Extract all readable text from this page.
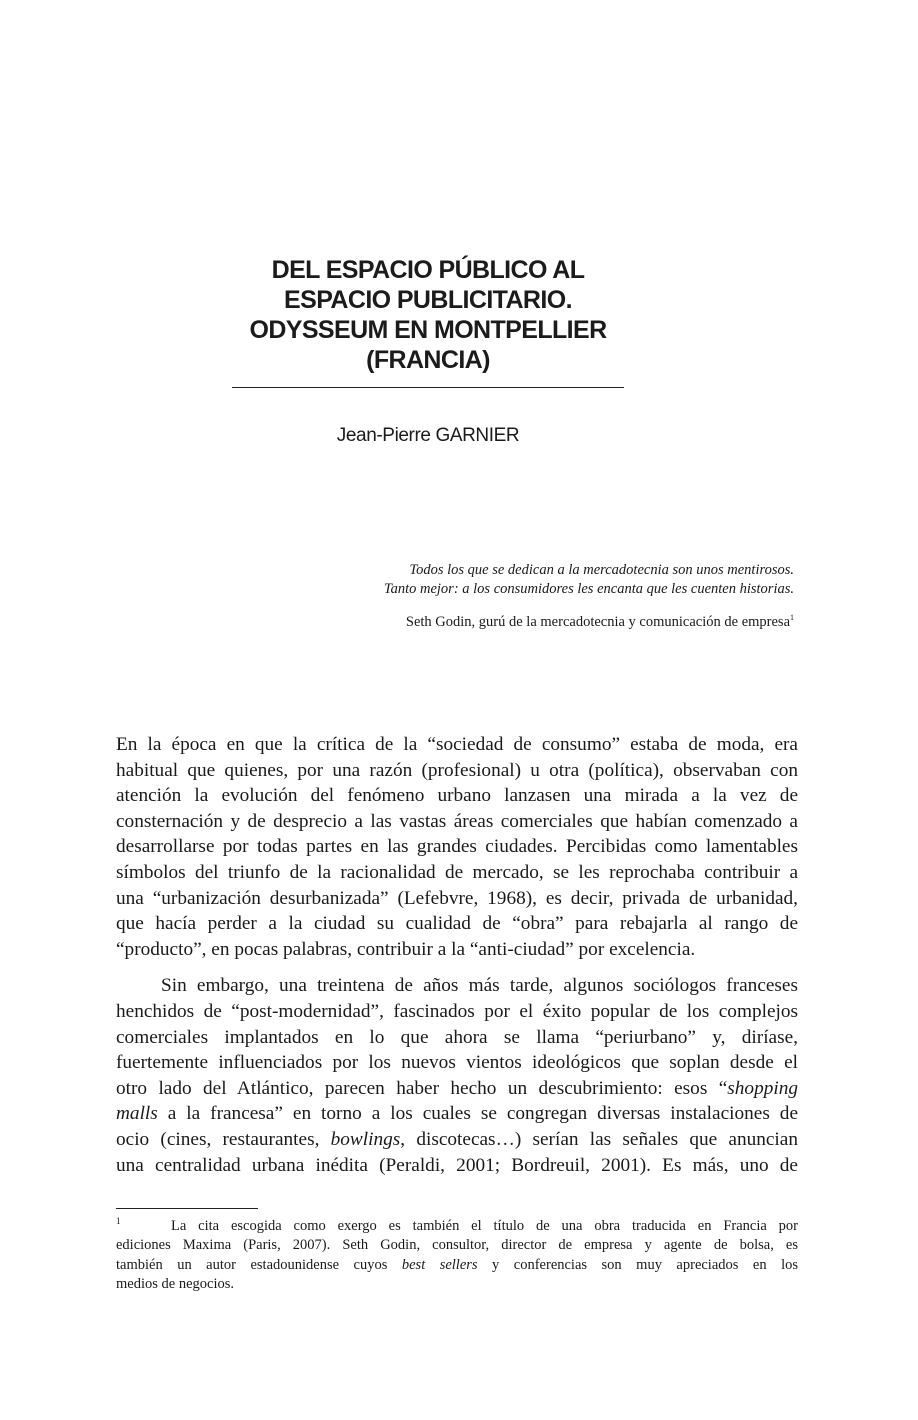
DEL ESPACIO PÚBLICO AL
ESPACIO PUBLICITARIO.
ODYSSEUM EN MONTPELLIER
(FRANCIA)

Jean-Pierre GARNIER

Todos los que se dedican a la mercadotecnia son unos mentirosos.
Tanto mejor: a los consumidores les encanta que les cuenten historias.
Seth Godin, gurú de la mercadotecnia y comunicación de empresa$^1$

En la época en que la crítica de la “sociedad de consumo” estaba de moda, era
habitual que quienes, por una razón (profesional) u otra (política), observaban con
atención la evolución del fenómeno urbano lanzasen una mirada a la vez de
consternación y de desprecio a las vastas áreas comerciales que habían comenzado a
desarrollarse por todas partes en las grandes ciudades. Percibidas como lamentables
símbolos del triunfo de la racionalidad de mercado, se les reprochaba contribuir a
una “urbanización desurbanizada” (Lefebvre, 1968), es decir, privada de urbanidad,
que hacía perder a la ciudad su cualidad de “obra” para rebajarla al rango de
“producto”, en pocas palabras, contribuir a la “anti-ciudad” por excelencia.

Sin embargo, una treintena de años más tarde, algunos sociólogos franceses
henchidos de “post-modernidad”, fascinados por el éxito popular de los complejos
comerciales implantados en lo que ahora se llama “periurbano” y, diríase,
fuertemente influenciados por los nuevos vientos ideológicos que soplan desde el
otro lado del Atlántico, parecen haber hecho un descubrimiento: esos “shopping
malls a la francesa” en torno a los cuales se congregan diversas instalaciones de
ocio (cines, restaurantes, bowlings, discotecas…) serían las señales que anuncian
una centralidad urbana inédita (Peraldi, 2001; Bordreuil, 2001). Es más, uno de

1	La cita escogida como exergo es también el título de una obra traducida en Francia por
ediciones Maxima (Paris, 2007). Seth Godin, consultor, director de empresa y agente de bolsa, es
también un autor estadounidense cuyos best sellers y conferencias son muy apreciados en los
medios de negocios.
